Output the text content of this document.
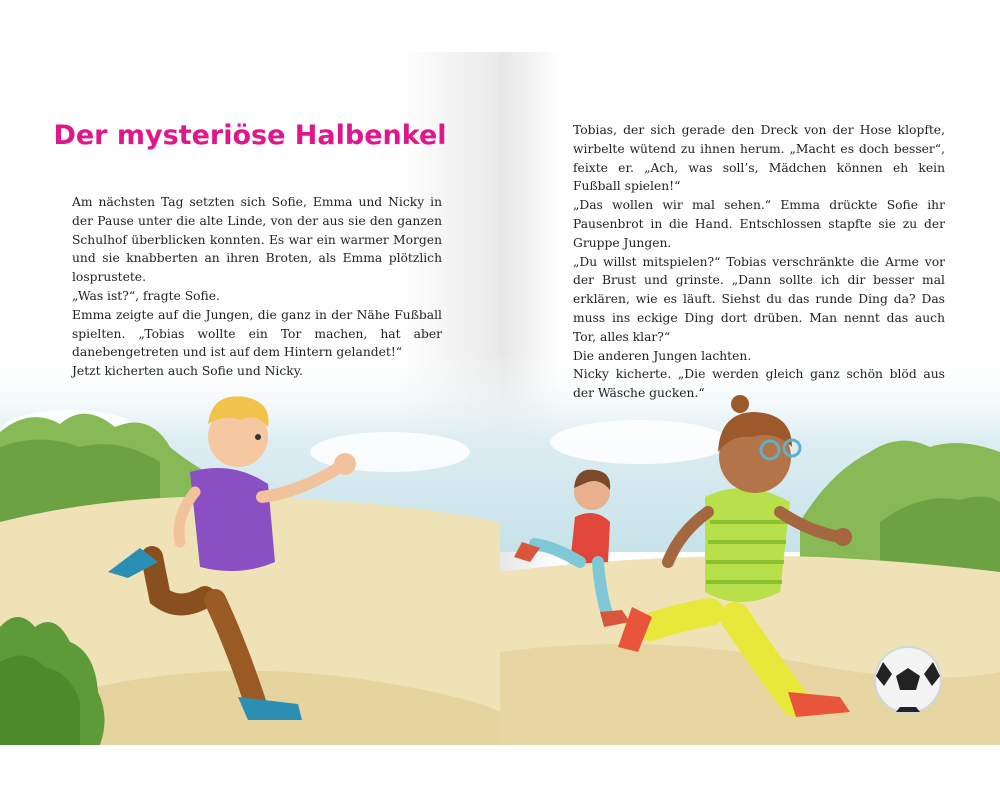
Der mysteriöse Halbenkel

Am nächsten Tag setzten sich Sofie, Emma und Nicky in der Pause unter die alte Linde, von der aus sie den ganzen Schulhof überblicken konnten. Es war ein warmer Morgen und sie knabberten an ihren Broten, als Emma plötzlich losprustete.

„Was ist?“, fragte Sofie.

Emma zeigte auf die Jungen, die ganz in der Nähe Fußball spielten. „Tobias wollte ein Tor machen, hat aber danebengetreten und ist auf dem Hintern gelandet!“

Jetzt kicherten auch Sofie und Nicky.

Tobias, der sich gerade den Dreck von der Hose klopfte, wirbelte wütend zu ihnen herum. „Macht es doch besser“, feixte er. „Ach, was soll’s, Mädchen können eh kein Fußball spielen!“

„Das wollen wir mal sehen.“ Emma drückte Sofie ihr Pausenbrot in die Hand. Entschlossen stapfte sie zu der Gruppe Jungen.

„Du willst mitspielen?“ Tobias verschränkte die Arme vor der Brust und grinste. „Dann sollte ich dir besser mal erklären, wie es läuft. Siehst du das runde Ding da? Das muss ins eckige Ding dort drüben. Man nennt das auch Tor, alles klar?“

Die anderen Jungen lachten.

Nicky kicherte. „Die werden gleich ganz schön blöd aus der Wäsche gucken.“
